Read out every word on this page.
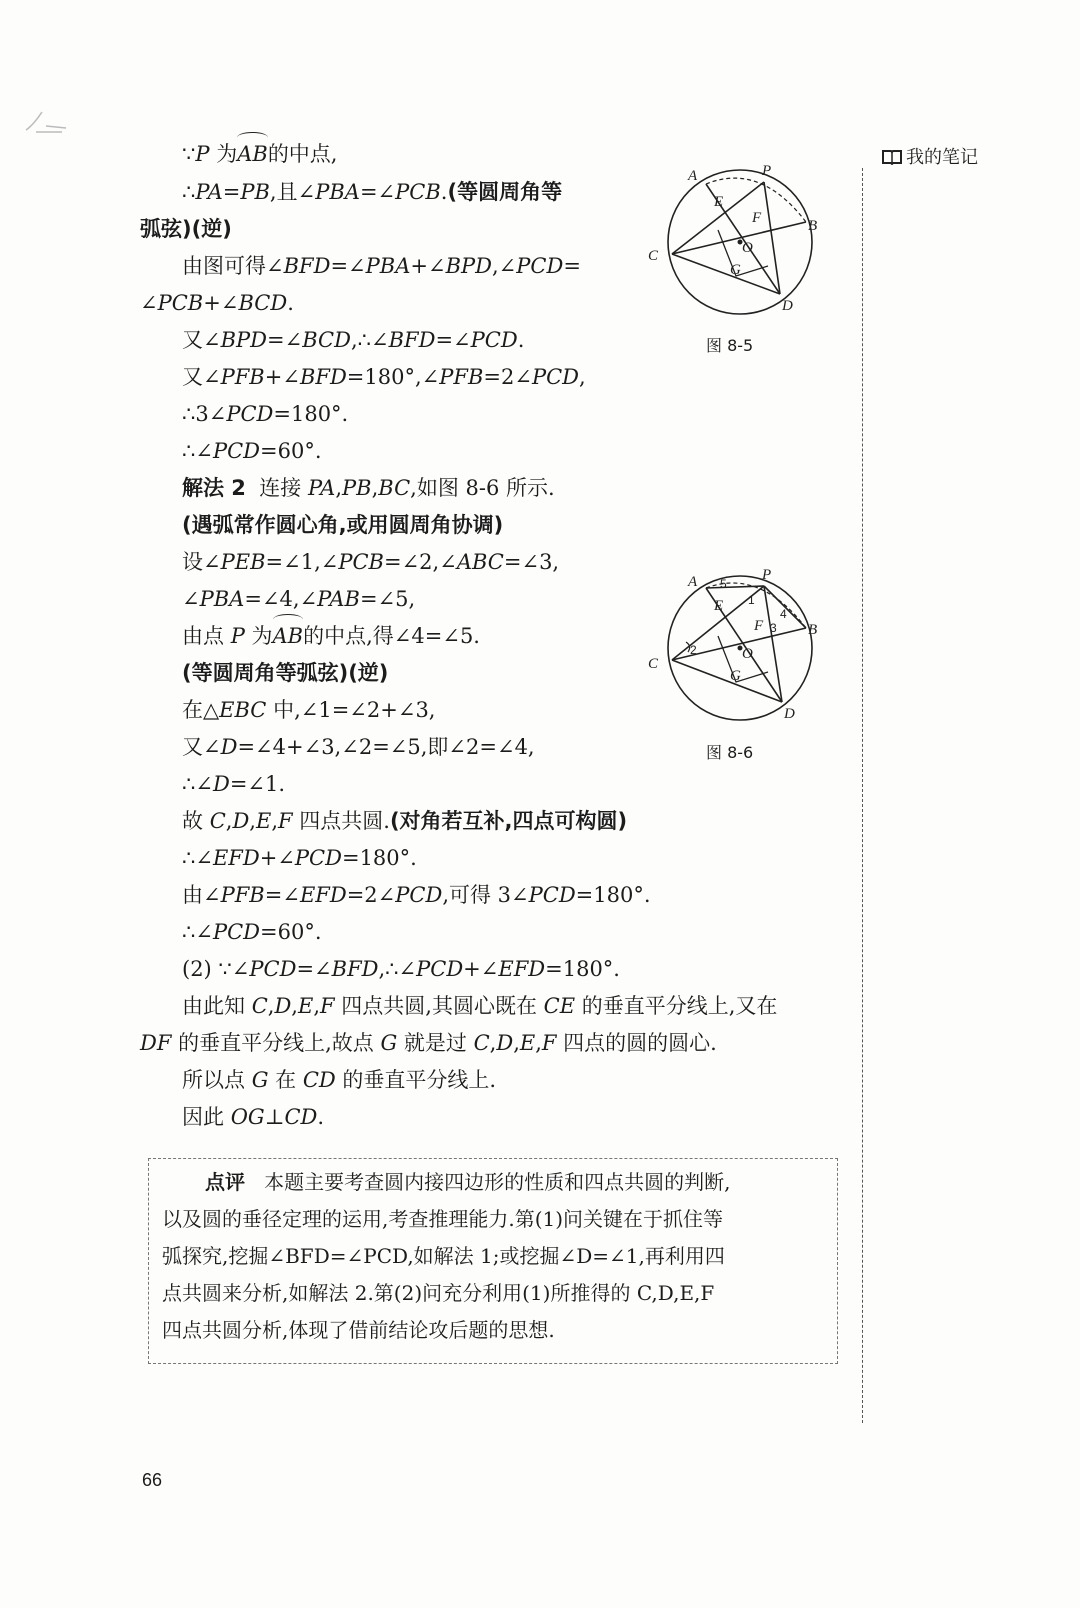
我的笔记
∵P 为AB的中点,
∴PA=PB,且∠PBA=∠PCB.(等圆周角等
弧弦)(逆)
由图可得∠BFD=∠PBA+∠BPD,∠PCD=
∠PCB+∠BCD.
又∠BPD=∠BCD,∴∠BFD=∠PCD.
又∠PFB+∠BFD=180°,∠PFB=2∠PCD,
∴3∠PCD=180°.
∴∠PCD=60°.
解法 2  连接 PA,PB,BC,如图 8-6 所示.
(遇弧常作圆心角,或用圆周角协调)
设∠PEB=∠1,∠PCB=∠2,∠ABC=∠3,
∠PBA=∠4,∠PAB=∠5,
由点 P 为AB的中点,得∠4=∠5.
(等圆周角等弧弦)(逆)
在△EBC 中,∠1=∠2+∠3,
又∠D=∠4+∠3,∠2=∠5,即∠2=∠4,
∴∠D=∠1.
故 C,D,E,F 四点共圆.(对角若互补,四点可构圆)
∴∠EFD+∠PCD=180°.
由∠PFB=∠EFD=2∠PCD,可得 3∠PCD=180°.
∴∠PCD=60°.
(2) ∵∠PCD=∠BFD,∴∠PCD+∠EFD=180°.
由此知 C,D,E,F 四点共圆,其圆心既在 CE 的垂直平分线上,又在
DF 的垂直平分线上,故点 G 就是过 C,D,E,F 四点的圆的圆心.
所以点 G 在 CD 的垂直平分线上.
因此 OG⊥CD.
A	P
B
C
D
E
F
O
G
图 8-5
A	P
B
C
D
E
F
O
G
1
2
3
4
5
图 8-6
点评 本题主要考查圆内接四边形的性质和四点共圆的判断,
以及圆的垂径定理的运用,考查推理能力.第(1)问关键在于抓住等
弧探究,挖掘∠BFD=∠PCD,如解法 1;或挖掘∠D=∠1,再利用四
点共圆来分析,如解法 2.第(2)问充分利用(1)所推得的 C,D,E,F
四点共圆分析,体现了借前结论攻后题的思想.
66
